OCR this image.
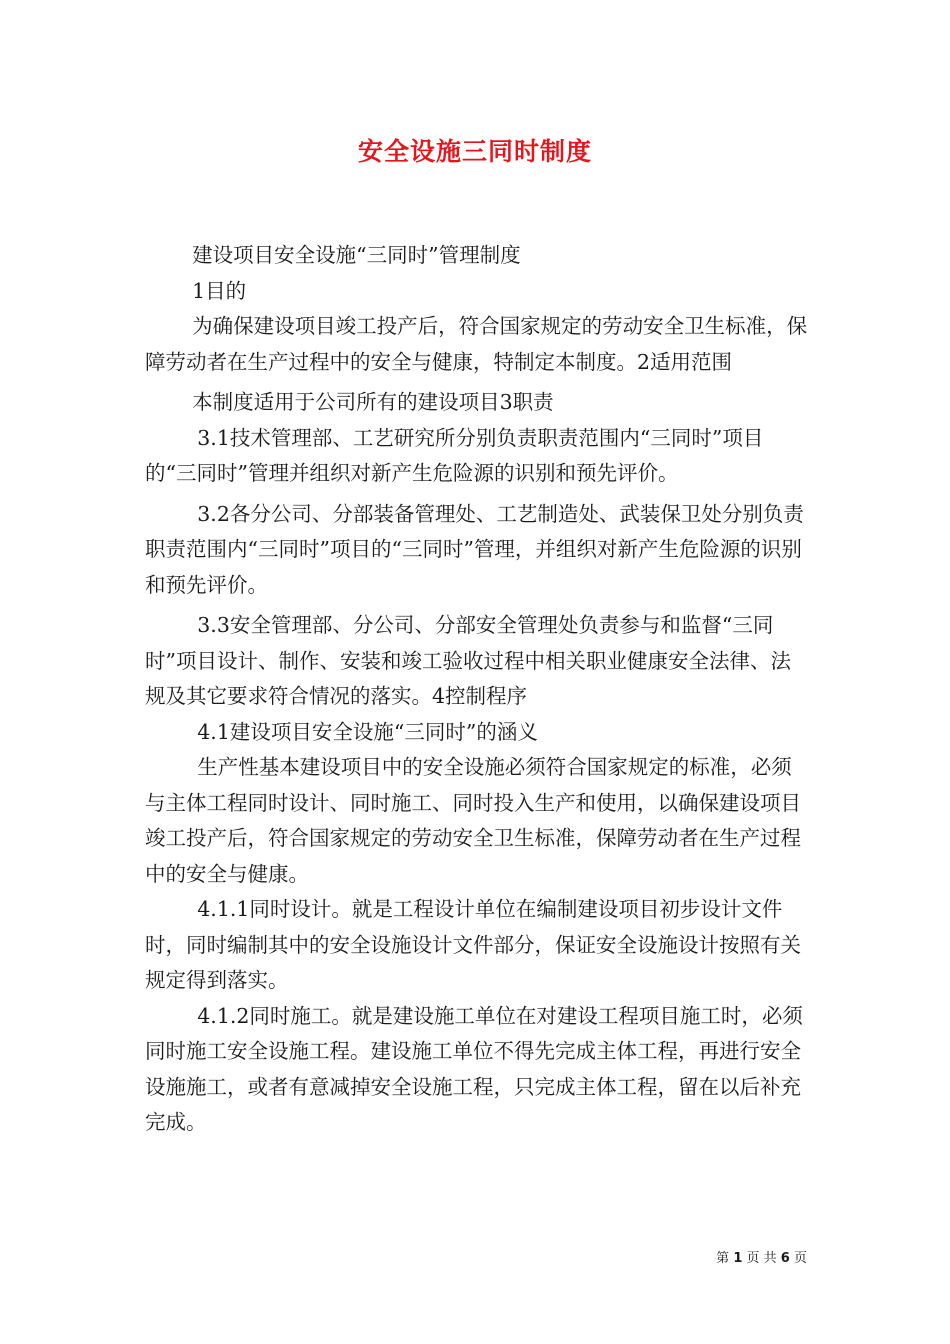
安全设施三同时制度

建设项目安全设施“三同时”管理制度

1目的

为确保建设项目竣工投产后，符合国家规定的劳动安全卫生标准，保障劳动者在生产过程中的安全与健康，特制定本制度。2适用范围

本制度适用于公司所有的建设项目3职责

3.1技术管理部、工艺研究所分别负责职责范围内“三同时”项目的“三同时”管理并组织对新产生危险源的识别和预先评价。

3.2各分公司、分部装备管理处、工艺制造处、武装保卫处分别负责职责范围内“三同时”项目的“三同时”管理，并组织对新产生危险源的识别和预先评价。

3.3安全管理部、分公司、分部安全管理处负责参与和监督“三同时”项目设计、制作、安装和竣工验收过程中相关职业健康安全法律、法规及其它要求符合情况的落实。4控制程序

4.1建设项目安全设施“三同时”的涵义

生产性基本建设项目中的安全设施必须符合国家规定的标准，必须与主体工程同时设计、同时施工、同时投入生产和使用，以确保建设项目竣工投产后，符合国家规定的劳动安全卫生标准，保障劳动者在生产过程中的安全与健康。

4.1.1同时设计。就是工程设计单位在编制建设项目初步设计文件时，同时编制其中的安全设施设计文件部分，保证安全设施设计按照有关规定得到落实。

4.1.2同时施工。就是建设施工单位在对建设工程项目施工时，必须同时施工安全设施工程。建设施工单位不得先完成主体工程，再进行安全设施施工，或者有意减掉安全设施工程，只完成主体工程，留在以后补充完成。

第 1 页 共 6 页
